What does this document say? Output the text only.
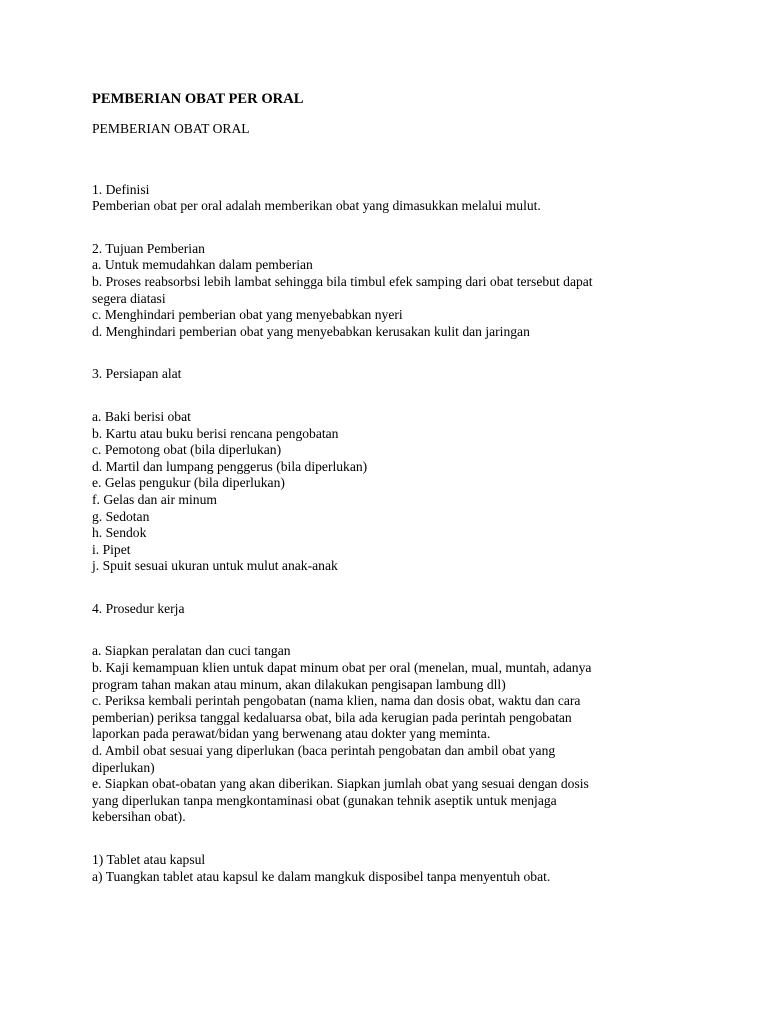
PEMBERIAN OBAT PER ORAL

PEMBERIAN OBAT ORAL

1. Definisi

Pemberian obat per oral adalah memberikan obat yang dimasukkan melalui mulut.

2. Tujuan Pemberian

a. Untuk memudahkan dalam pemberian

b. Proses reabsorbsi lebih lambat sehingga bila timbul efek samping dari obat tersebut dapat

segera diatasi

c. Menghindari pemberian obat yang menyebabkan nyeri

d. Menghindari pemberian obat yang menyebabkan kerusakan kulit dan jaringan

3. Persiapan alat

a. Baki berisi obat

b. Kartu atau buku berisi rencana pengobatan

c. Pemotong obat (bila diperlukan)

d. Martil dan lumpang penggerus (bila diperlukan)

e. Gelas pengukur (bila diperlukan)

f. Gelas dan air minum

g. Sedotan

h. Sendok

i. Pipet

j. Spuit sesuai ukuran untuk mulut anak-anak

4. Prosedur kerja

a. Siapkan peralatan dan cuci tangan

b. Kaji kemampuan klien untuk dapat minum obat per oral (menelan, mual, muntah, adanya

program tahan makan atau minum, akan dilakukan pengisapan lambung dll)

c. Periksa kembali perintah pengobatan (nama klien, nama dan dosis obat, waktu dan cara

pemberian) periksa tanggal kedaluarsa obat, bila ada kerugian pada perintah pengobatan

laporkan pada perawat/bidan yang berwenang atau dokter yang meminta.

d. Ambil obat sesuai yang diperlukan (baca perintah pengobatan dan ambil obat yang

diperlukan)

e. Siapkan obat-obatan yang akan diberikan. Siapkan jumlah obat yang sesuai dengan dosis

yang diperlukan tanpa mengkontaminasi obat (gunakan tehnik aseptik untuk menjaga

kebersihan obat).

1) Tablet atau kapsul

a) Tuangkan tablet atau kapsul ke dalam mangkuk disposibel tanpa menyentuh obat.
